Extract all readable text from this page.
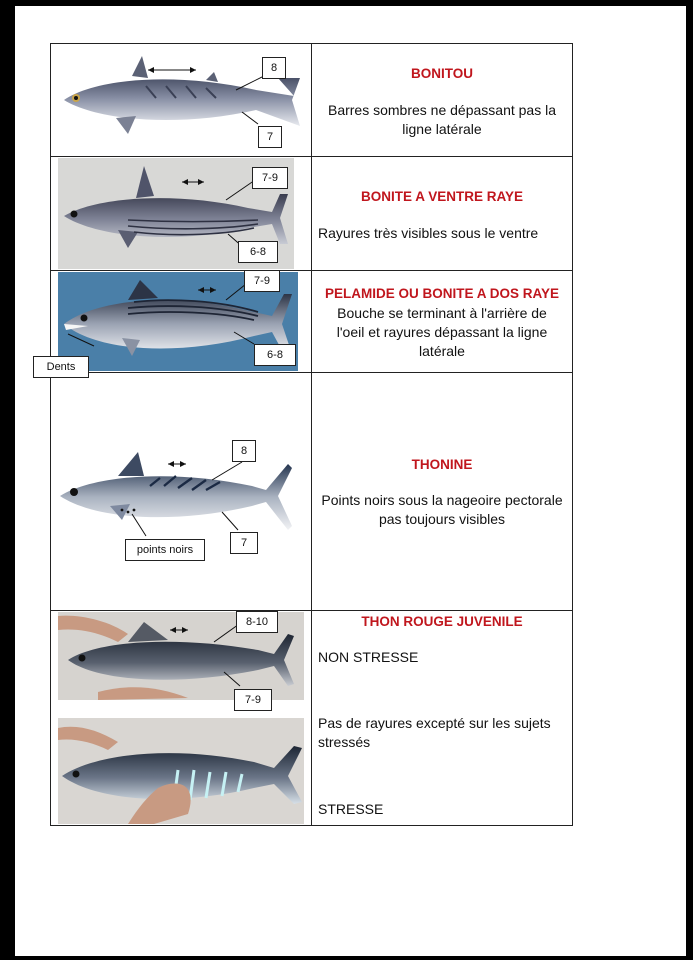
8
7
BONITOU
Barres sombres ne dépassant pas la ligne latérale
7-9
6-8
BONITE A VENTRE RAYE
Rayures très visibles sous le ventre
7-9
6-8
Dents
PELAMIDE OU BONITE A DOS RAYE
Bouche se terminant à l'arrière de l'oeil et rayures dépassant la ligne latérale
8
7
points noirs
THONINE
Points noirs sous la nageoire pectorale pas toujours visibles
8-10
7-9
THON ROUGE JUVENILE
NON STRESSE
Pas de rayures excepté sur les sujets stressés
STRESSE
